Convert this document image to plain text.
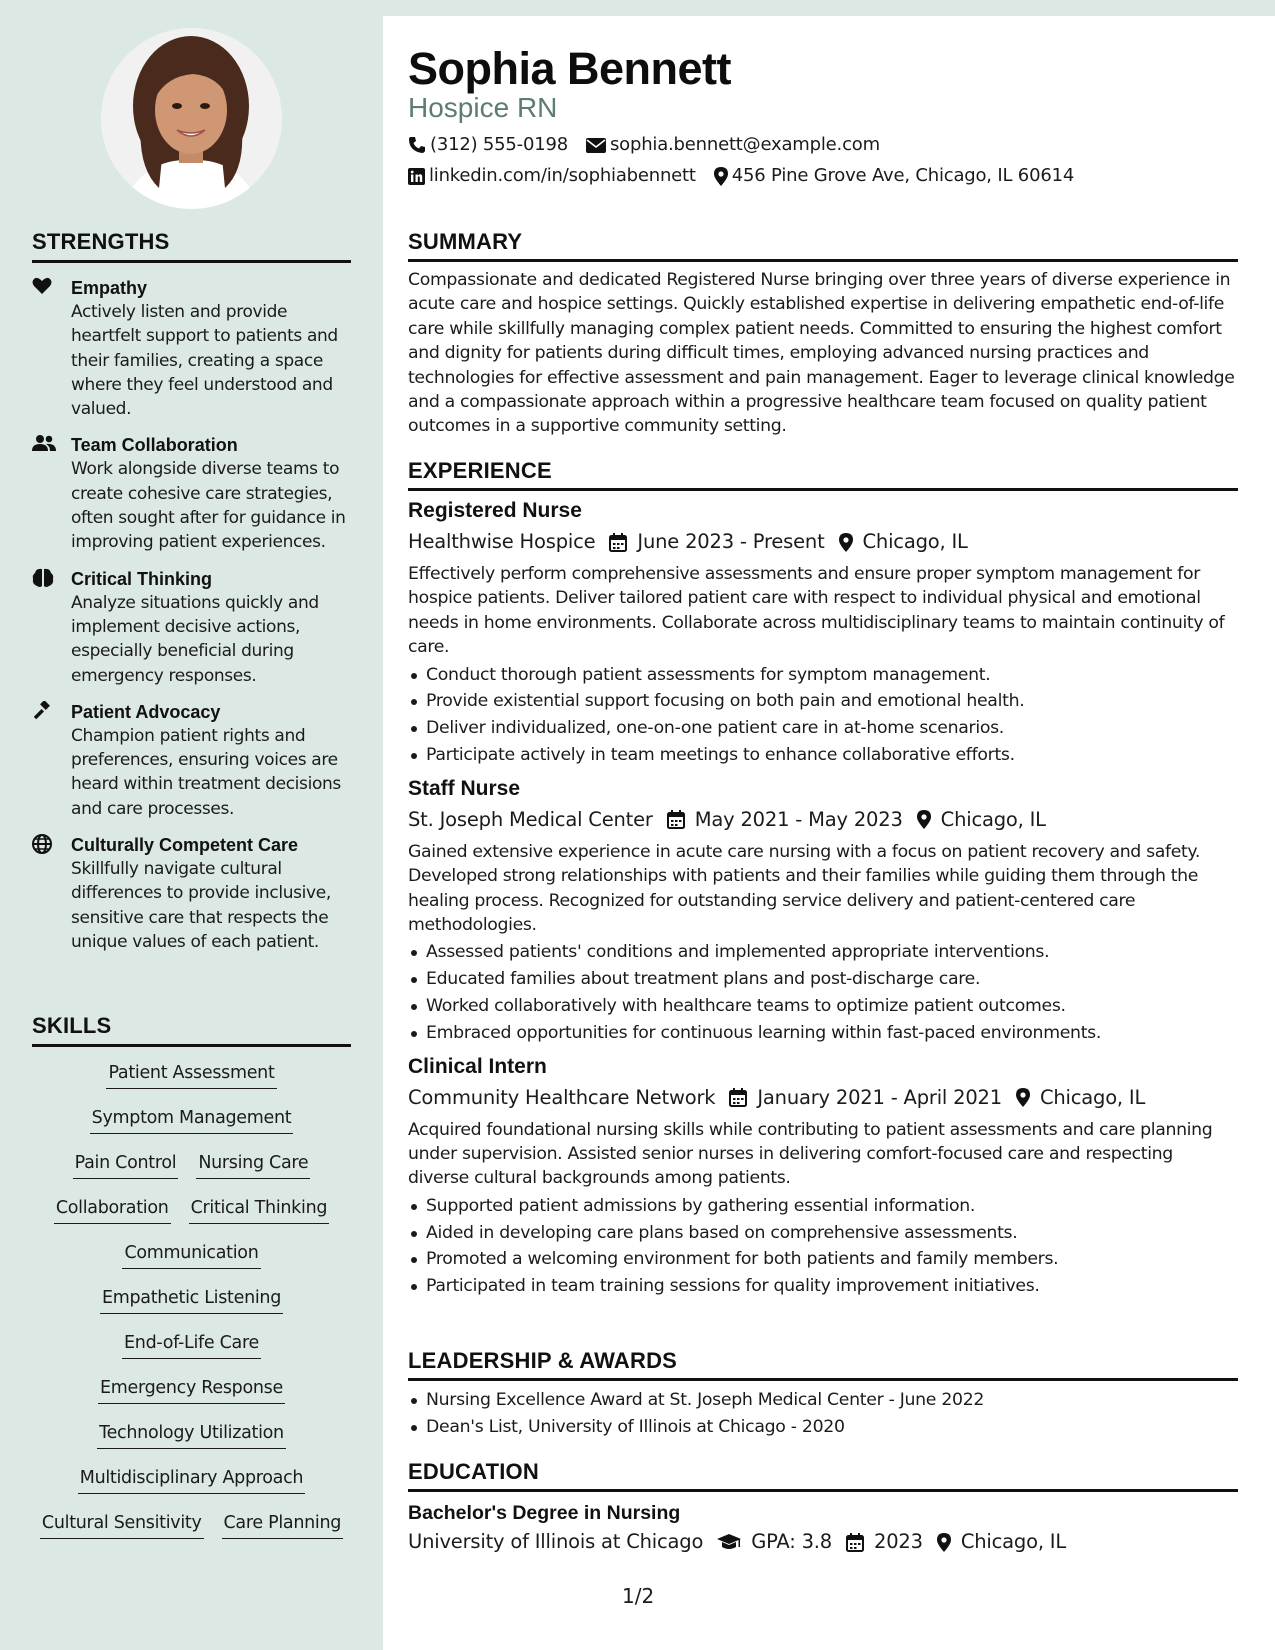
STRENGTHS
Empathy
Actively listen and provide heartfelt support to patients and their families, creating a space where they feel understood and valued.
Team Collaboration
Work alongside diverse teams to create cohesive care strategies, often sought after for guidance in improving patient experiences.
Critical Thinking
Analyze situations quickly and implement decisive actions, especially beneficial during emergency responses.
Patient Advocacy
Champion patient rights and preferences, ensuring voices are heard within treatment decisions and care processes.
Culturally Competent Care
Skillfully navigate cultural differences to provide inclusive, sensitive care that respects the unique values of each patient.
SKILLS
Patient Assessment
Symptom Management
Pain Control Nursing Care
Collaboration Critical Thinking
Communication
Empathetic Listening
End-of-Life Care
Emergency Response
Technology Utilization
Multidisciplinary Approach
Cultural Sensitivity Care Planning
Sophia Bennett
Hospice RN
(312) 555-0198 sophia.bennett@example.com
linkedin.com/in/sophiabennett 456 Pine Grove Ave, Chicago, IL 60614
SUMMARY
Compassionate and dedicated Registered Nurse bringing over three years of diverse experience in acute care and hospice settings. Quickly established expertise in delivering empathetic end-of-life care while skillfully managing complex patient needs. Committed to ensuring the highest comfort and dignity for patients during difficult times, employing advanced nursing practices and technologies for effective assessment and pain management. Eager to leverage clinical knowledge and a compassionate approach within a progressive healthcare team focused on quality patient outcomes in a supportive community setting.
EXPERIENCE
Registered Nurse
Healthwise Hospice June 2023 - Present Chicago, IL
Effectively perform comprehensive assessments and ensure proper symptom management for hospice patients. Deliver tailored patient care with respect to individual physical and emotional needs in home environments. Collaborate across multidisciplinary teams to maintain continuity of care.
Conduct thorough patient assessments for symptom management.
Provide existential support focusing on both pain and emotional health.
Deliver individualized, one-on-one patient care in at-home scenarios.
Participate actively in team meetings to enhance collaborative efforts.
Staff Nurse
St. Joseph Medical Center May 2021 - May 2023 Chicago, IL
Gained extensive experience in acute care nursing with a focus on patient recovery and safety. Developed strong relationships with patients and their families while guiding them through the healing process. Recognized for outstanding service delivery and patient-centered care methodologies.
Assessed patients' conditions and implemented appropriate interventions.
Educated families about treatment plans and post-discharge care.
Worked collaboratively with healthcare teams to optimize patient outcomes.
Embraced opportunities for continuous learning within fast-paced environments.
Clinical Intern
Community Healthcare Network January 2021 - April 2021 Chicago, IL
Acquired foundational nursing skills while contributing to patient assessments and care planning under supervision. Assisted senior nurses in delivering comfort-focused care and respecting diverse cultural backgrounds among patients.
Supported patient admissions by gathering essential information.
Aided in developing care plans based on comprehensive assessments.
Promoted a welcoming environment for both patients and family members.
Participated in team training sessions for quality improvement initiatives.
LEADERSHIP & AWARDS
Nursing Excellence Award at St. Joseph Medical Center - June 2022
Dean's List, University of Illinois at Chicago - 2020
EDUCATION
Bachelor's Degree in Nursing
University of Illinois at Chicago GPA: 3.8 2023 Chicago, IL
1/2
